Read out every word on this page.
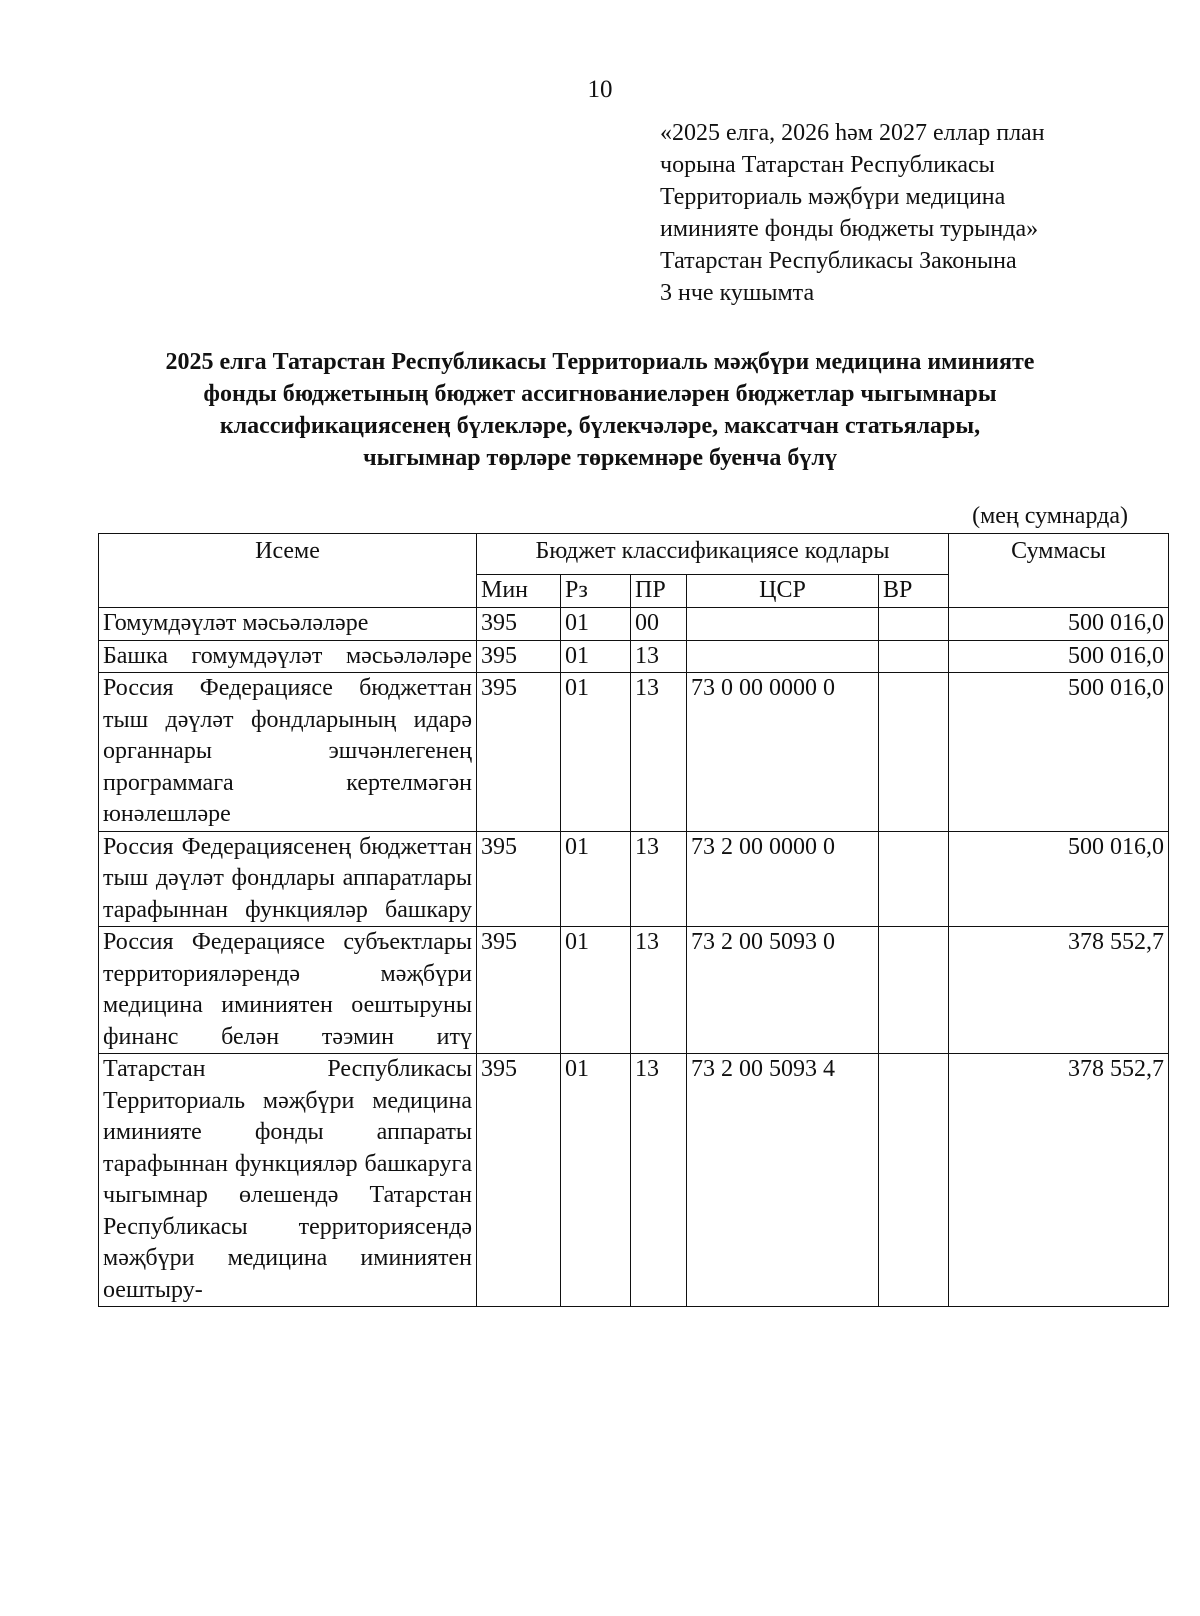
10
«2025 елга, 2026 һәм 2027 еллар план
чорына Татарстан Республикасы
Территориаль мәҗбүри медицина
иминияте фонды бюджеты турында»
Татарстан Республикасы Законына
3 нче кушымта
2025 елга Татарстан Республикасы Территориаль мәҗбүри медицина иминияте
фонды бюджетының бюджет ассигнованиеләрен бюджетлар чыгымнары
классификациясенең бүлекләре, бүлекчәләре, максатчан статьялары,
чыгымнар төрләре төркемнәре буенча бүлү
(мең сумнарда)
Исеме	Бюджет классификациясе кодлары					Суммасы
	Мин	Рз	ПР	ЦСР	ВР	
Гомумдәүләт мәсьәләләре	395	01	00			500 016,0
Башка гомумдәүләт мәсьәләләре	395	01	13			500 016,0
Россия Федерациясе бюджеттан тыш дәүләт фондларының идарә органнары эшчәнлегенең программага кертелмәгән юнәлешләре	395	01	13	73 0 00 0000 0		500 016,0
Россия Федерациясенең бюджеттан тыш дәүләт фондлары аппаратлары тарафыннан функцияләр башкару	395	01	13	73 2 00 0000 0		500 016,0
Россия Федерациясе субъектлары территорияләрендә мәҗбүри медицина иминиятен оештыруны финанс белән тәэмин итү	395	01	13	73 2 00 5093 0		378 552,7
Татарстан Республикасы Территориаль мәҗбүри медицина иминияте фонды аппараты тарафыннан функцияләр башкаруга чыгымнар өлешендә Татарстан Республикасы территориясендә мәҗбүри медицина иминиятен оештыру-	395	01	13	73 2 00 5093 4		378 552,7
